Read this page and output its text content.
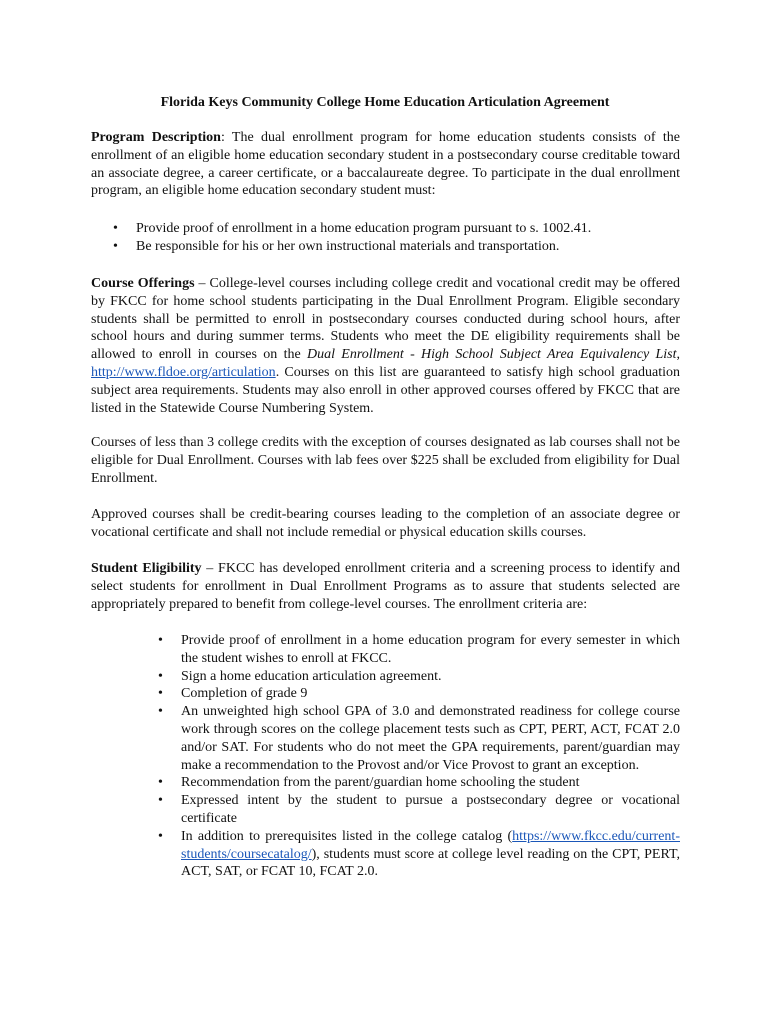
Florida Keys Community College Home Education Articulation Agreement

Program Description: The dual enrollment program for home education students consists of the enrollment of an eligible home education secondary student in a postsecondary course creditable toward an associate degree, a career certificate, or a baccalaureate degree. To participate in the dual enrollment program, an eligible home education secondary student must:

• Provide proof of enrollment in a home education program pursuant to s. 1002.41.
• Be responsible for his or her own instructional materials and transportation.

Course Offerings – College-level courses including college credit and vocational credit may be offered by FKCC for home school students participating in the Dual Enrollment Program. Eligible secondary students shall be permitted to enroll in postsecondary courses conducted during school hours, after school hours and during summer terms. Students who meet the DE eligibility requirements shall be allowed to enroll in courses on the Dual Enrollment - High School Subject Area Equivalency List, http://www.fldoe.org/articulation. Courses on this list are guaranteed to satisfy high school graduation subject area requirements. Students may also enroll in other approved courses offered by FKCC that are listed in the Statewide Course Numbering System.

Courses of less than 3 college credits with the exception of courses designated as lab courses shall not be eligible for Dual Enrollment. Courses with lab fees over $225 shall be excluded from eligibility for Dual Enrollment.

Approved courses shall be credit-bearing courses leading to the completion of an associate degree or vocational certificate and shall not include remedial or physical education skills courses.

Student Eligibility – FKCC has developed enrollment criteria and a screening process to identify and select students for enrollment in Dual Enrollment Programs as to assure that students selected are appropriately prepared to benefit from college-level courses. The enrollment criteria are:

• Provide proof of enrollment in a home education program for every semester in which the student wishes to enroll at FKCC.
• Sign a home education articulation agreement.
• Completion of grade 9
• An unweighted high school GPA of 3.0 and demonstrated readiness for college course work through scores on the college placement tests such as CPT, PERT, ACT, FCAT 2.0 and/or SAT. For students who do not meet the GPA requirements, parent/guardian may make a recommendation to the Provost and/or Vice Provost to grant an exception.
• Recommendation from the parent/guardian home schooling the student
• Expressed intent by the student to pursue a postsecondary degree or vocational certificate
• In addition to prerequisites listed in the college catalog (https://www.fkcc.edu/current-students/coursecatalog/), students must score at college level reading on the CPT, PERT, ACT, SAT, or FCAT 10, FCAT 2.0.
